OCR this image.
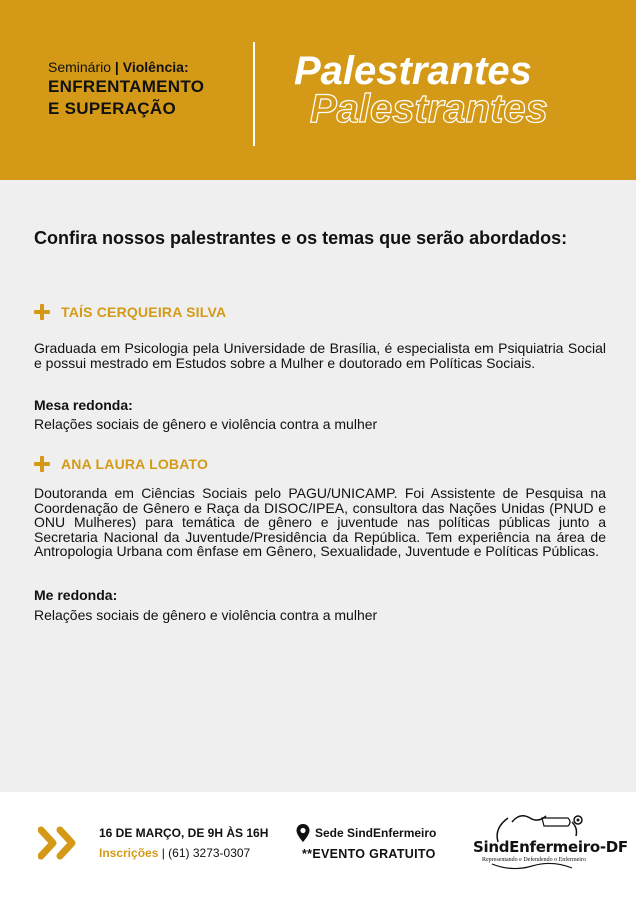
Seminário | Violência:
ENFRENTAMENTO
E SUPERAÇÃO
Palestrantes
Palestrantes
Confira nossos palestrantes e os temas que serão abordados:
TAÍS CERQUEIRA SILVA
Graduada em Psicologia pela Universidade de Brasília, é especialista em Psiquiatria Social e possui mestrado em Estudos sobre a Mulher e doutorado em Políticas Sociais.
Mesa redonda:
Relações sociais de gênero e violência contra a mulher
ANA LAURA LOBATO
Doutoranda em Ciências Sociais pelo PAGU/UNICAMP. Foi Assistente de Pesquisa na Coordenação de Gênero e Raça da DISOC/IPEA, consultora das Nações Unidas (PNUD e ONU Mulheres) para temática de gênero e juventude nas políticas públicas junto a Secretaria Nacional da Juventude/Presidência da República. Tem experiência na área de Antropologia Urbana com ênfase em Gênero, Sexualidade, Juventude e Políticas Públicas.
Me redonda:
Relações sociais de gênero e violência contra a mulher
16 DE MARÇO, DE 9H ÀS 16H
Inscrições | (61) 3273-0307
Sede SindEnfermeiro
**EVENTO GRATUITO SindEnfermeiro-DF
Representando e Defendendo o Enfermeiro
